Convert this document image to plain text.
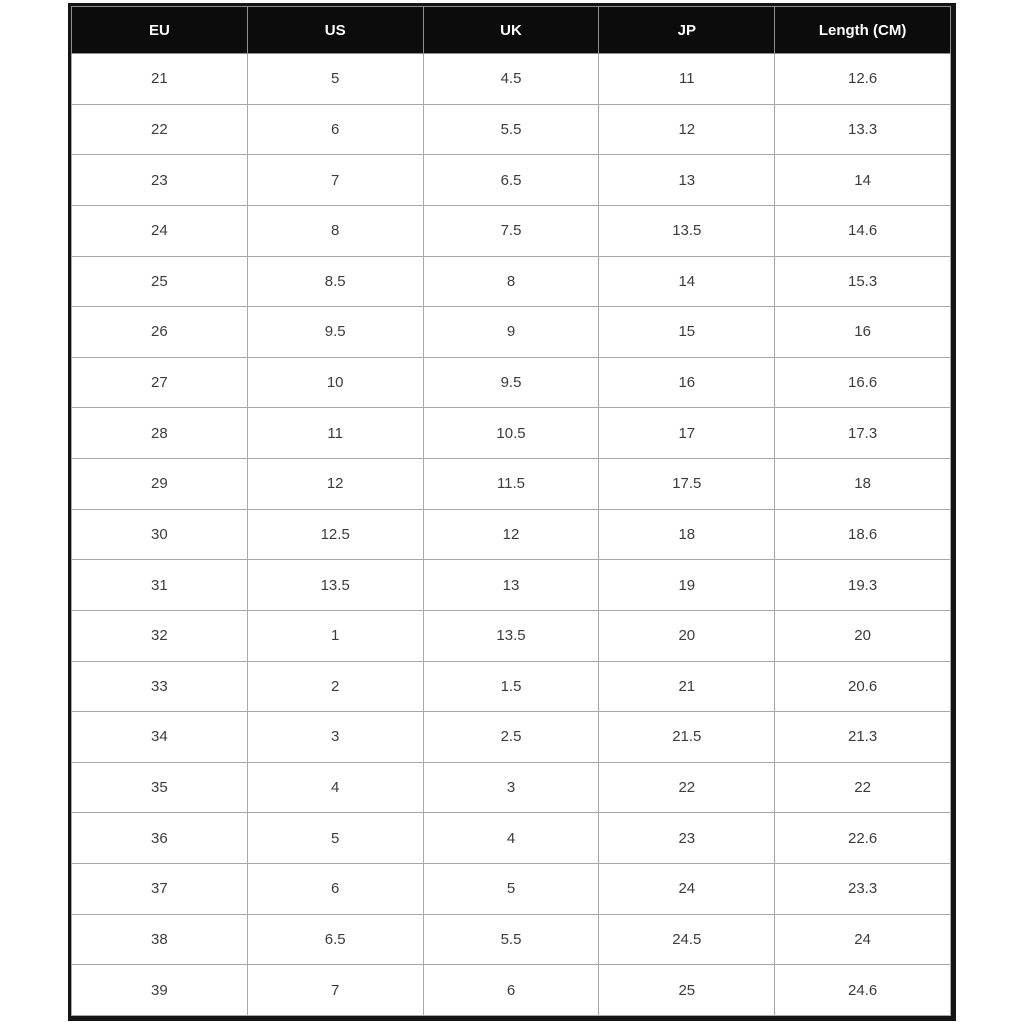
EU	US	UK	JP	Length (CM)
21	5	4.5	11	12.6
22	6	5.5	12	13.3
23	7	6.5	13	14
24	8	7.5	13.5	14.6
25	8.5	8	14	15.3
26	9.5	9	15	16
27	10	9.5	16	16.6
28	11	10.5	17	17.3
29	12	11.5	17.5	18
30	12.5	12	18	18.6
31	13.5	13	19	19.3
32	1	13.5	20	20
33	2	1.5	21	20.6
34	3	2.5	21.5	21.3
35	4	3	22	22
36	5	4	23	22.6
37	6	5	24	23.3
38	6.5	5.5	24.5	24
39	7	6	25	24.6
